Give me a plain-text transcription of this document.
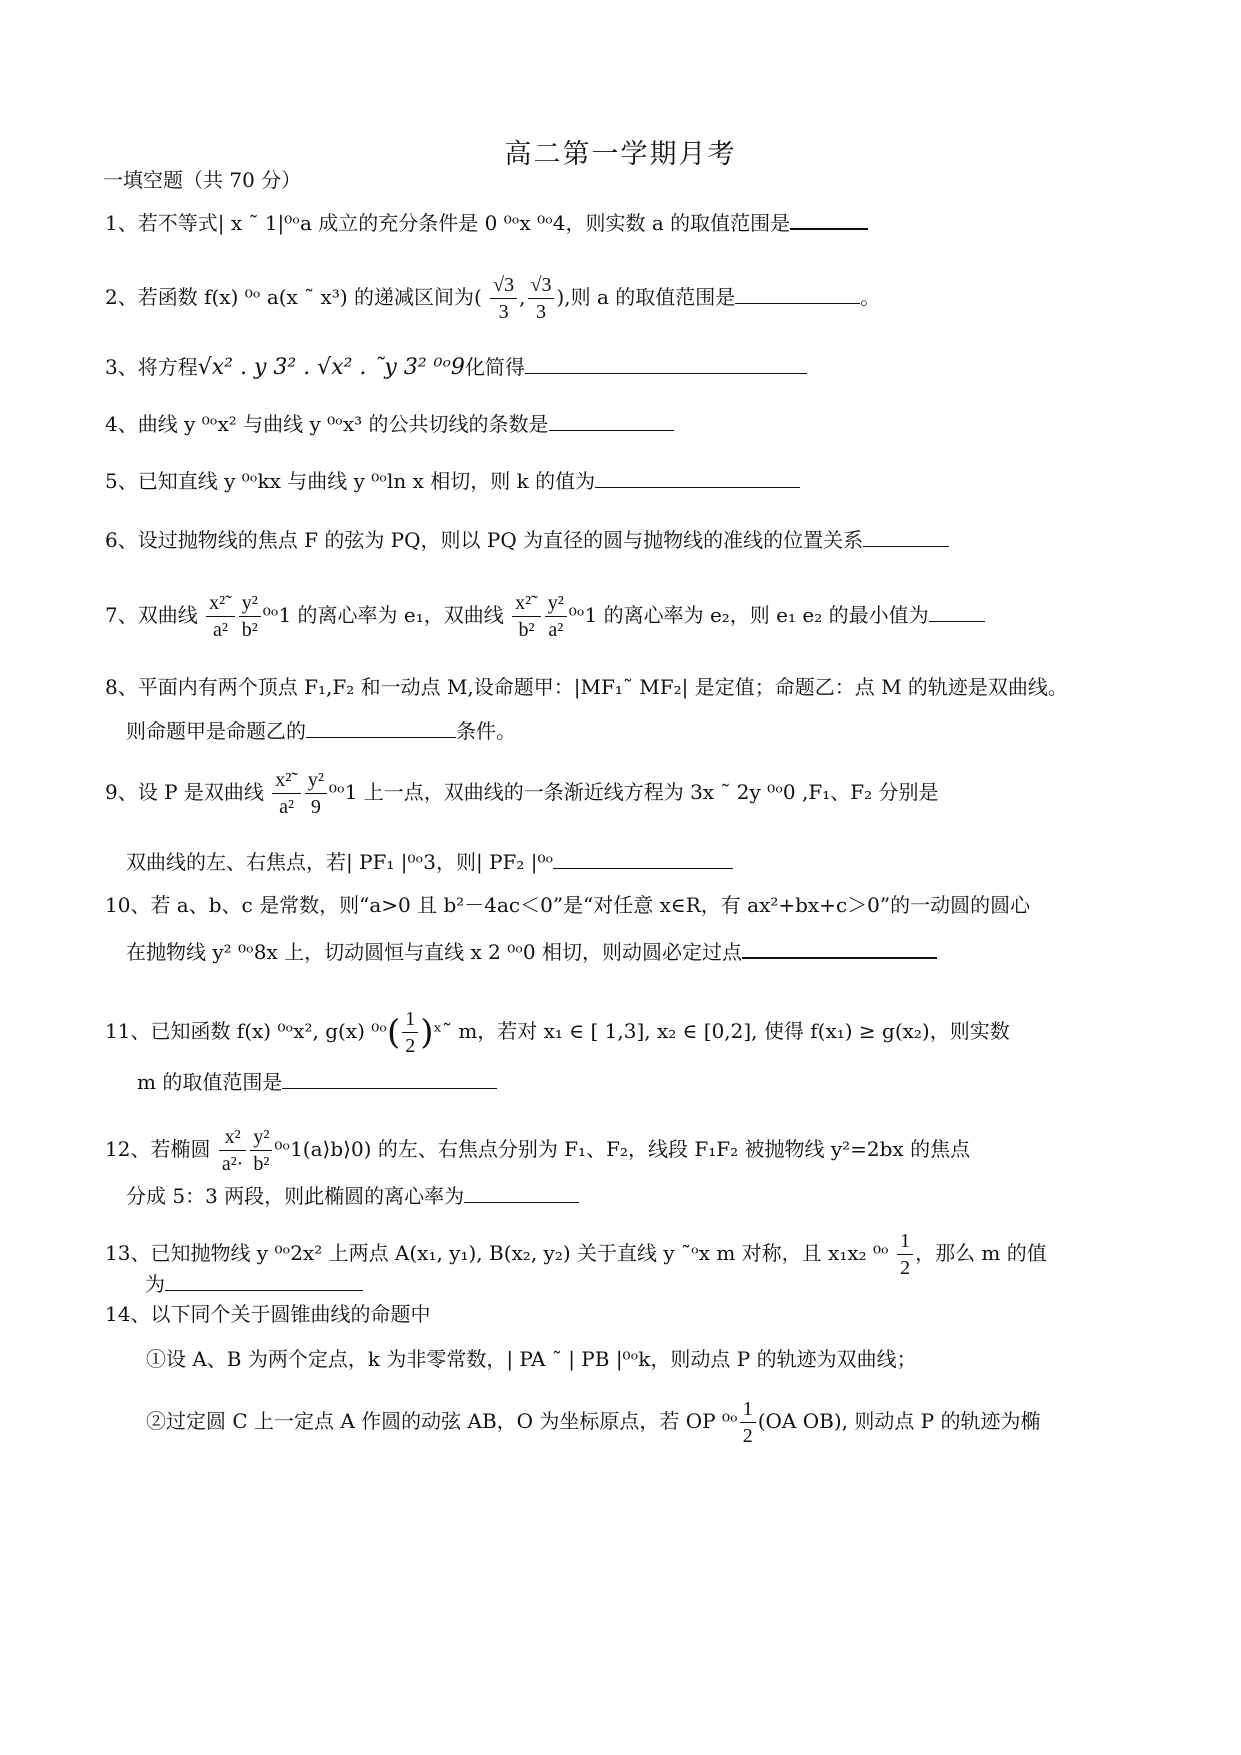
高二第一学期月考
一填空题（共 70 分）
1、若不等式| x ˜ 1|⁰ᵒa 成立的充分条件是 0 ⁰ᵒx ⁰ᵒ4，则实数 a 的取值范围是
2、若函数 f(x) ⁰ᵒ a(x ˜ x³) 的递减区间为( $\frac{√3}{3}$ , $\frac{√3}{3}$ ),则 a 的取值范围是	。
3、将方程√x² . y 3² . √x² . ˜y 3² ⁰ᵒ9化简得
4、曲线 y ⁰ᵒx² 与曲线 y ⁰ᵒx³ 的公共切线的条数是
5、已知直线 y ⁰ᵒkx 与曲线 y ⁰ᵒln x 相切，则 k 的值为
6、设过抛物线的焦点 F 的弦为 PQ，则以 PQ 为直径的圆与抛物线的准线的位置关系
7、双曲线 $\frac{\text{x²˜}}{\text{a²}} \frac{\text{y²}}{\text{b²}}$ ⁰ᵒ1 的离心率为 e₁，双曲线 $\frac{\text{x²˜}}{\text{b²}} \frac{\text{y²}}{\text{a²}}$ ⁰ᵒ1 的离心率为 e₂，则 e₁ e₂ 的最小值为
8、平面内有两个顶点 F₁,F₂ 和一动点 M,设命题甲：|MF₁˜ MF₂| 是定值；命题乙：点 M 的轨迹是双曲线。
则命题甲是命题乙的	条件。
9、设 P 是双曲线 $\frac{\text{x²˜}}{\text{a²}} \frac{\text{y²}}{9}$ ⁰ᵒ1 上一点，双曲线的一条渐近线方程为 3x ˜ 2y ⁰ᵒ0 ,F₁、F₂ 分别是
双曲线的左、右焦点，若| PF₁ |⁰ᵒ3，则| PF₂ |⁰ᵒ
10、若 a、b、c 是常数，则“a>0 且 b²－4ac＜0”是“对任意 x∈R，有 ax²+bx+c＞0”的一动圆的圆心
在抛物线 y² ⁰ᵒ8x 上，切动圆恒与直线 x 2 ⁰ᵒ0 相切，则动圆必定过点
11、已知函数 f(x) ⁰ᵒx², g(x) ⁰ᵒ( $\frac{1}{2}$ )ˣ˜ m，若对 x₁ ∈ [ 1,3], x₂ ∈ [0,2], 使得 f(x₁) ≥ g(x₂)，则实数
m 的取值范围是
12、若椭圆 $\frac{\text{x²}}{\text{a²·}} \frac{\text{y²}}{\text{b²}}$ ⁰ᵒ1(a⟩b⟩0) 的左、右焦点分别为 F₁、F₂，线段 F₁F₂ 被抛物线 y²=2bx 的焦点
分成 5：3 两段，则此椭圆的离心率为
13、已知抛物线 y ⁰ᵒ2x² 上两点 A(x₁, y₁), B(x₂, y₂) 关于直线 y ˜ᵒx m 对称，且 x₁x₂ ⁰ᵒ $\frac{1}{2}$ ，那么 m 的值
为
14、以下同个关于圆锥曲线的命题中
①设 A、B 为两个定点，k 为非零常数，| PA ˜ | PB |⁰ᵒk，则动点 P 的轨迹为双曲线；
②过定圆 C 上一定点 A 作圆的动弦 AB，O 为坐标原点，若 OP ⁰ᵒ $\frac{1}{2} (OA$ OB), 则动点 P 的轨迹为椭
